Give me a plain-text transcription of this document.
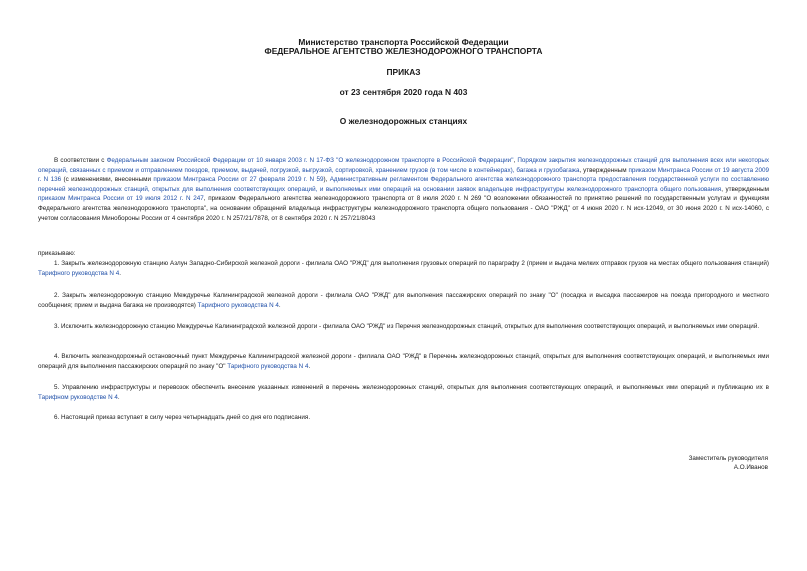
Министерство транспорта Российской Федерации
ФЕДЕРАЛЬНОЕ АГЕНТСТВО ЖЕЛЕЗНОДОРОЖНОГО ТРАНСПОРТА
ПРИКАЗ
от 23 сентября 2020 года N 403
О железнодорожных станциях
В соответствии с Федеральным законом Российской Федерации от 10 января 2003 г. N 17-ФЗ "О железнодорожном транспорте в Российской Федерации", Порядком закрытия железнодорожных станций для выполнения всех или некоторых операций, связанных с приемом и отправлением поездов, приемом, выдачей, погрузкой, выгрузкой, сортировкой, хранением грузов (в том числе в контейнерах), багажа и грузобагажа, утвержденным приказом Минтранса России от 19 августа 2009 г. N 136 (с изменениями, внесенными приказом Минтранса России от 27 февраля 2019 г. N 59), Административным регламентом Федерального агентства железнодорожного транспорта предоставления государственной услуги по составлению перечней железнодорожных станций, открытых для выполнения соответствующих операций, и выполняемых ими операций на основании заявок владельцев инфраструктуры железнодорожного транспорта общего пользования, утвержденным приказом Минтранса России от 19 июля 2012 г. N 247, приказом Федерального агентства железнодорожного транспорта от 8 июля 2020 г. N 269 "О возложении обязанностей по принятию решений по государственным услугам и функциям Федерального агентства железнодорожного транспорта", на основании обращений владельца инфраструктуры железнодорожного транспорта общего пользования - ОАО "РЖД" от 4 июня 2020 г. N исх-12049, от 30 июня 2020 г. N исх-14060, с учетом согласования Минобороны России от 4 сентября 2020 г. N 257/21/7878, от 8 сентября 2020 г. N 257/21/8043
приказываю:
1. Закрыть железнодорожную станцию Азлун Западно-Сибирской железной дороги - филиала ОАО "РЖД" для выполнения грузовых операций по параграфу 2 (прием и выдача мелких отправок грузов на местах общего пользования станций) Тарифного руководства N 4.
2. Закрыть железнодорожную станцию Междуречье Калининградской железной дороги - филиала ОАО "РЖД" для выполнения пассажирских операций по знаку "О" (посадка и высадка пассажиров на поезда пригородного и местного сообщения; прием и выдача багажа не производятся) Тарифного руководства N 4.
3. Исключить железнодорожную станцию Междуречье Калининградской железной дороги - филиала ОАО "РЖД" из Перечня железнодорожных станций, открытых для выполнения соответствующих операций, и выполняемых ими операций.
4. Включить железнодорожный остановочный пункт Междуречье Калининградской железной дороги - филиала ОАО "РЖД" в Перечень железнодорожных станций, открытых для выполнения соответствующих операций, и выполняемых ими операций для выполнения пассажирских операций по знаку "О" Тарифного руководства N 4.
5. Управлению инфраструктуры и перевозок обеспечить внесение указанных изменений в перечень железнодорожных станций, открытых для выполнения соответствующих операций, и выполняемых ими операций и публикацию их в Тарифном руководстве N 4.
6. Настоящий приказ вступает в силу через четырнадцать дней со дня его подписания.
Заместитель руководителя
А.О.Иванов
